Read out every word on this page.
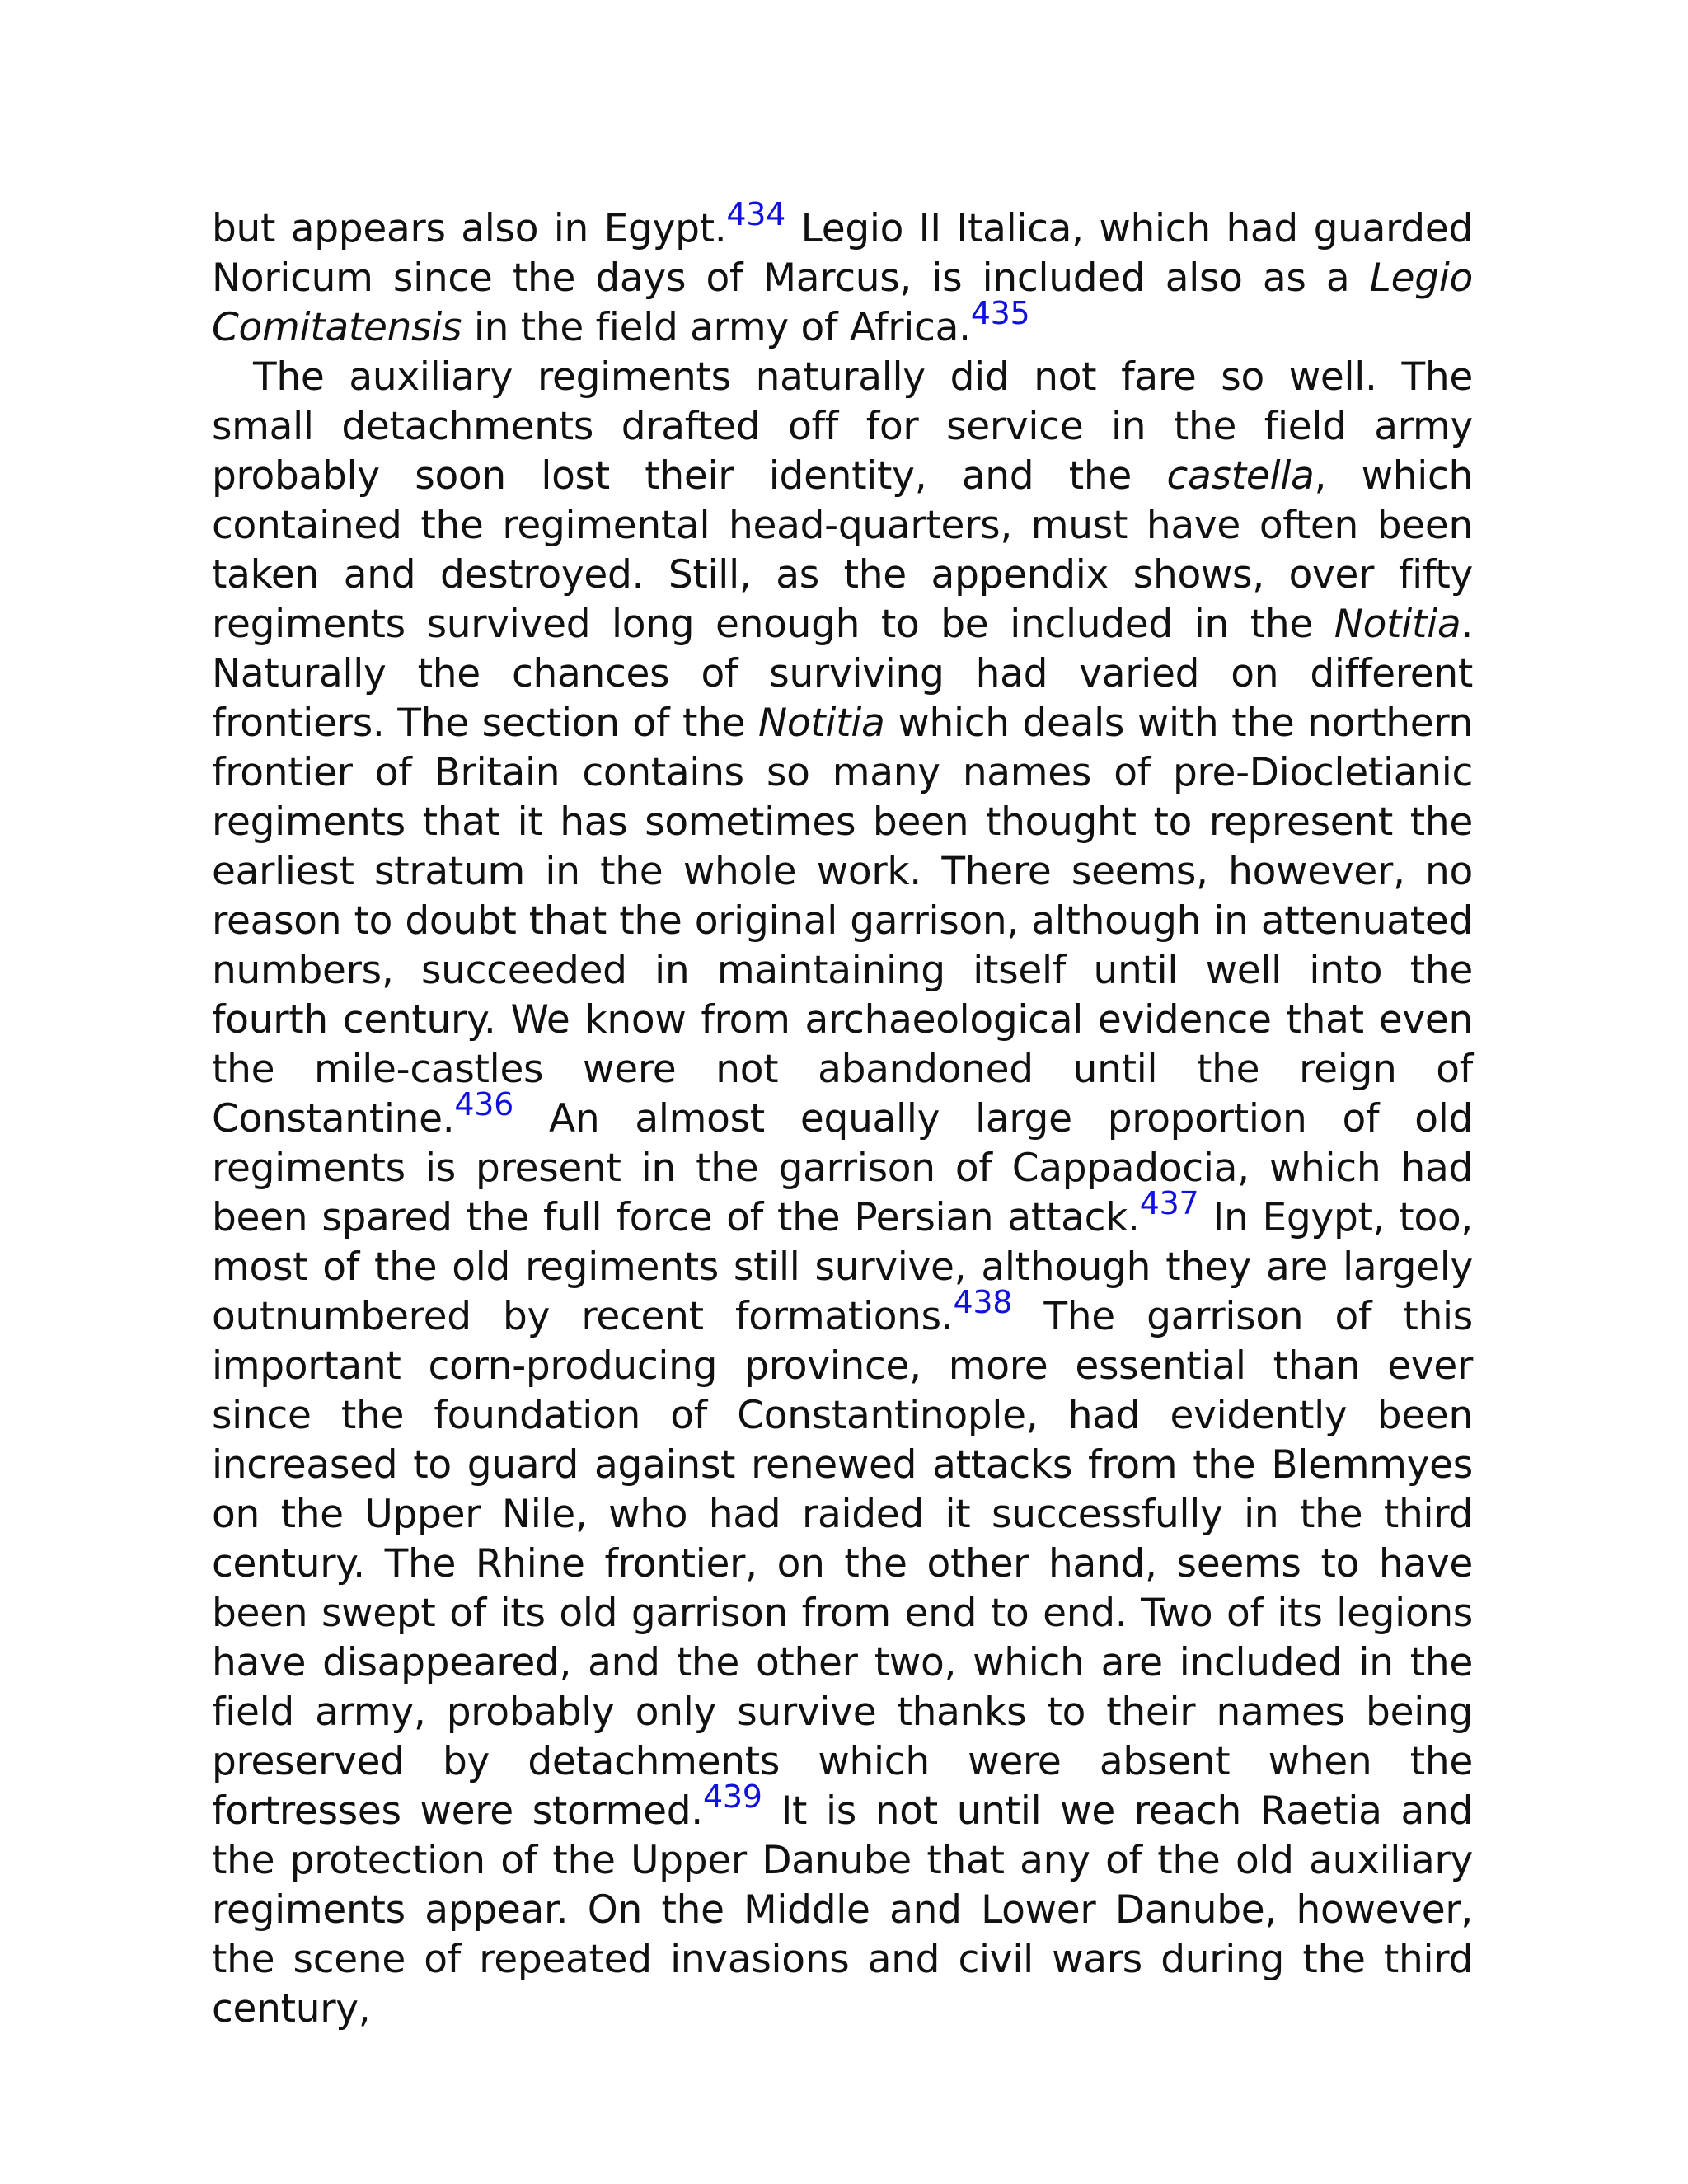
but appears also in Egypt.$^{434}$ Legio II Italica, which had guarded Noricum since the days of Marcus, is included also as a Legio Comitatensis in the field army of Africa.$^{435}$

The auxiliary regiments naturally did not fare so well. The small detachments drafted off for service in the field army probably soon lost their identity, and the castella, which contained the regimental head-quarters, must have often been taken and destroyed. Still, as the appendix shows, over fifty regiments survived long enough to be included in the Notitia. Naturally the chances of surviving had varied on different frontiers. The section of the Notitia which deals with the northern frontier of Britain contains so many names of pre-Diocletianic regiments that it has sometimes been thought to represent the earliest stratum in the whole work. There seems, however, no reason to doubt that the original garrison, although in attenuated numbers, succeeded in maintaining itself until well into the fourth century. We know from archaeological evidence that even the mile-castles were not abandoned until the reign of Constantine.$^{436}$ An almost equally large proportion of old regiments is present in the garrison of Cappadocia, which had been spared the full force of the Persian attack.$^{437}$ In Egypt, too, most of the old regiments still survive, although they are largely outnumbered by recent formations.$^{438}$ The garrison of this important corn-producing province, more essential than ever since the foundation of Constantinople, had evidently been increased to guard against renewed attacks from the Blemmyes on the Upper Nile, who had raided it successfully in the third century. The Rhine frontier, on the other hand, seems to have been swept of its old garrison from end to end. Two of its legions have disappeared, and the other two, which are included in the field army, probably only survive thanks to their names being preserved by detachments which were absent when the fortresses were stormed.$^{439}$ It is not until we reach Raetia and the protection of the Upper Danube that any of the old auxiliary regiments appear. On the Middle and Lower Danube, however, the scene of repeated invasions and civil wars during the third century,
